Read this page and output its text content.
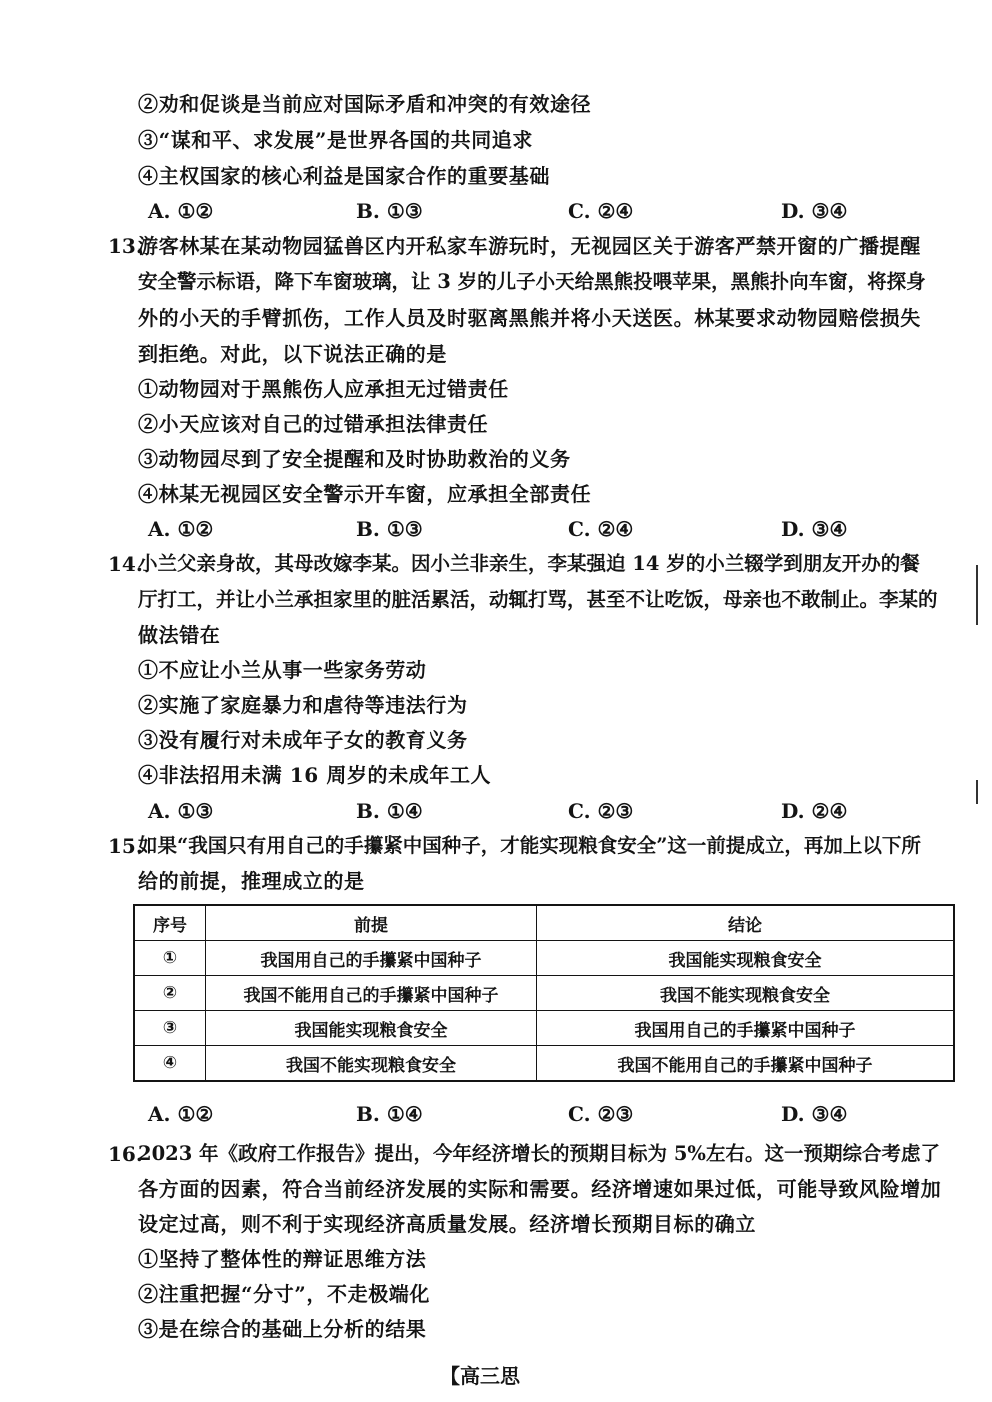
②劝和促谈是当前应对国际矛盾和冲突的有效途径
③“谋和平、求发展”是世界各国的共同追求
④主权国家的核心利益是国家合作的重要基础
A. ①②	B. ①③	C. ②④	D. ③④
13.
游客林某在某动物园猛兽区内开私家车游玩时，无视园区关于游客严禁开窗的广播提醒
安全警示标语，降下车窗玻璃，让 3 岁的儿子小天给黑熊投喂苹果，黑熊扑向车窗，将探身
外的小天的手臂抓伤，工作人员及时驱离黑熊并将小天送医。林某要求动物园赔偿损失
到拒绝。对此，以下说法正确的是
①动物园对于黑熊伤人应承担无过错责任
②小天应该对自己的过错承担法律责任
③动物园尽到了安全提醒和及时协助救治的义务
④林某无视园区安全警示开车窗，应承担全部责任
A. ①②	B. ①③	C. ②④	D. ③④
14.
小兰父亲身故，其母改嫁李某。因小兰非亲生，李某强迫 14 岁的小兰辍学到朋友开办的餐
厅打工，并让小兰承担家里的脏活累活，动辄打骂，甚至不让吃饭，母亲也不敢制止。李某的
做法错在
①不应让小兰从事一些家务劳动
②实施了家庭暴力和虐待等违法行为
③没有履行对未成年子女的教育义务
④非法招用未满 16 周岁的未成年工人
A. ①③	B. ①④	C. ②③	D. ②④
15.
如果“我国只有用自己的手攥紧中国种子，才能实现粮食安全”这一前提成立，再加上以下所
给的前提，推理成立的是
序号	前提	结论
①	我国用自己的手攥紧中国种子	我国能实现粮食安全
②	我国不能用自己的手攥紧中国种子	我国不能实现粮食安全
③	我国能实现粮食安全	我国用自己的手攥紧中国种子
④	我国不能实现粮食安全	我国不能用自己的手攥紧中国种子
A. ①②	B. ①④	C. ②③	D. ③④
16.
2023 年《政府工作报告》提出，今年经济增长的预期目标为 5%左右。这一预期综合考虑了
各方面的因素，符合当前经济发展的实际和需要。经济增速如果过低，可能导致风险增加
设定过高，则不利于实现经济高质量发展。经济增长预期目标的确立
①坚持了整体性的辩证思维方法
②注重把握“分寸”，不走极端化
③是在综合的基础上分析的结果
【高三思
